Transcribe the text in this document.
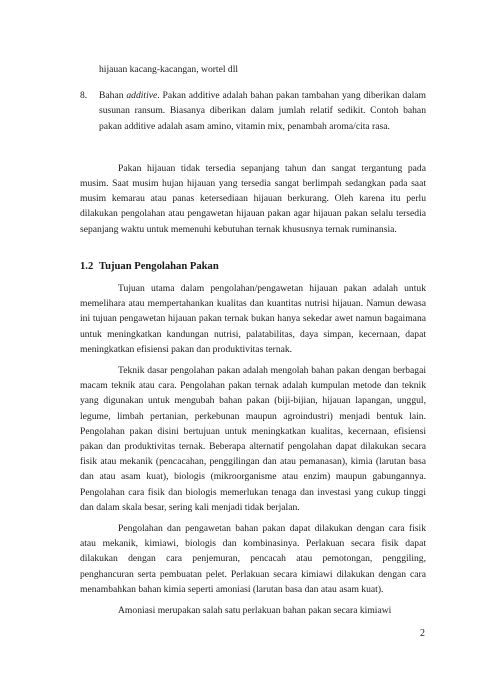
hijauan kacang-kacangan, wortel dll
8.	Bahan additive. Pakan additive adalah bahan pakan tambahan yang diberikan dalam susunan ransum. Biasanya diberikan dalam jumlah relatif sedikit. Contoh bahan pakan additive adalah asam amino, vitamin mix, penambah aroma/cita rasa.

Pakan hijauan tidak tersedia sepanjang tahun dan sangat tergantung pada musim. Saat musim hujan hijauan yang tersedia sangat berlimpah sedangkan pada saat musim kemarau atau panas ketersediaan hijauan berkurang. Oleh karena itu perlu dilakukan pengolahan atau pengawetan hijauan pakan agar hijauan pakan selalu tersedia sepanjang waktu untuk memenuhi kebutuhan ternak khususnya ternak ruminansia.

1.2 Tujuan Pengolahan Pakan

Tujuan utama dalam pengolahan/pengawetan hijauan pakan adalah untuk memelihara atau mempertahankan kualitas dan kuantitas nutrisi hijauan. Namun dewasa ini tujuan pengawetan hijauan pakan ternak bukan hanya sekedar awet namun bagaimana untuk meningkatkan kandungan nutrisi, palatabilitas, daya simpan, kecernaan, dapat meningkatkan efisiensi pakan dan produktivitas ternak.

Teknik dasar pengolahan pakan adalah mengolah bahan pakan dengan berbagai macam teknik atau cara. Pengolahan pakan ternak adalah kumpulan metode dan teknik yang digunakan untuk mengubah bahan pakan (biji-bijian, hijauan lapangan, unggul, legume, limbah pertanian, perkebunan maupun agroindustri) menjadi bentuk lain. Pengolahan pakan disini bertujuan untuk meningkatkan kualitas, kecernaan, efisiensi pakan dan produktivitas ternak. Beberapa alternatif pengolahan dapat dilakukan secara fisik atau mekanik (pencacahan, penggilingan dan atau pemanasan), kimia (larutan basa dan atau asam kuat), biologis (mikroorganisme atau enzim) maupun gabungannya. Pengolahan cara fisik dan biologis memerlukan tenaga dan investasi yang cukup tinggi dan dalam skala besar, sering kali menjadi tidak berjalan.

Pengolahan dan pengawetan bahan pakan dapat dilakukan dengan cara fisik atau mekanik, kimiawi, biologis dan kombinasinya. Perlakuan secara fisik dapat dilakukan dengan cara penjemuran, pencacah atau pemotongan, penggiling, penghancuran serta pembuatan pelet. Perlakuan secara kimiawi dilakukan dengan cara menambahkan bahan kimia seperti amoniasi (larutan basa dan atau asam kuat).

Amoniasi merupakan salah satu perlakuan bahan pakan secara kimiawi

2
